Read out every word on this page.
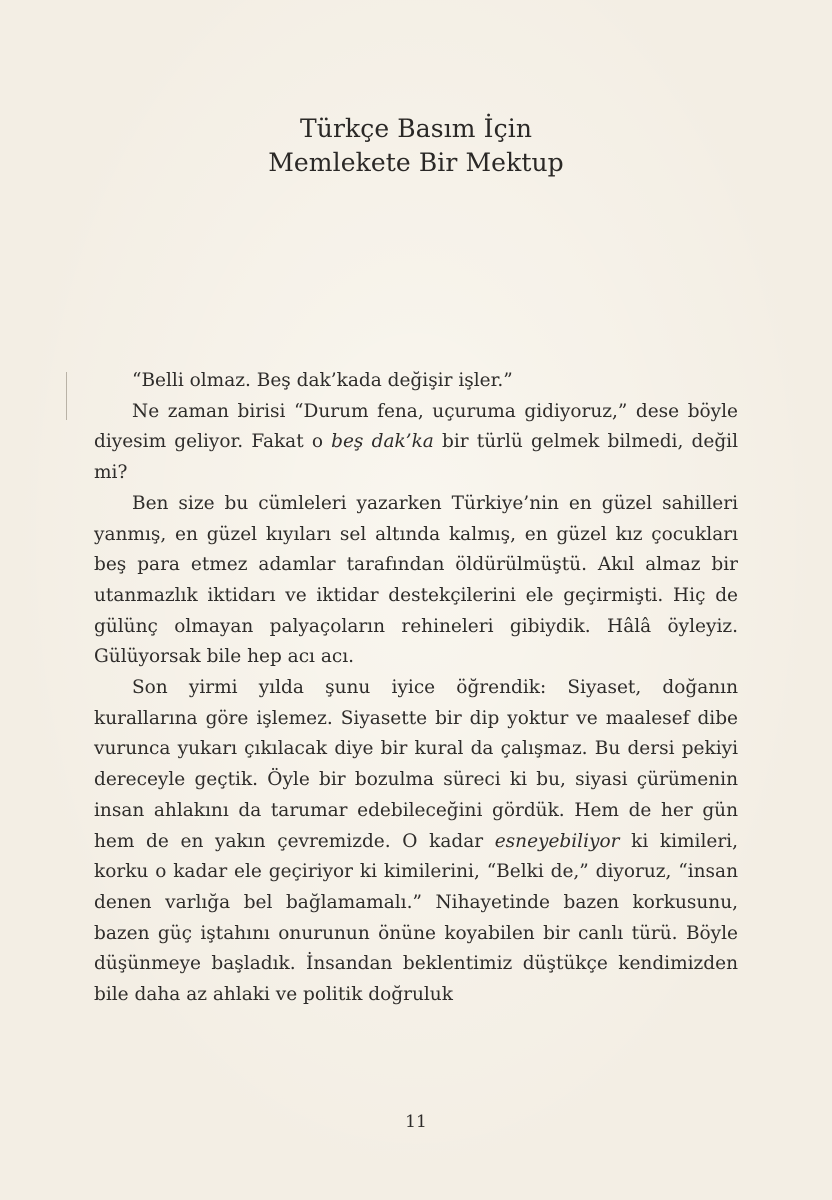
Türkçe Basım İçin
Memlekete Bir Mektup

“Belli olmaz. Beş dak’kada değişir işler.”

Ne zaman birisi “Durum fena, uçuruma gidiyoruz,” dese böyle diyesim geliyor. Fakat o beş dak’ka bir türlü gelmek bilmedi, değil mi?

Ben size bu cümleleri yazarken Türkiye’nin en güzel sahilleri yanmış, en güzel kıyıları sel altında kalmış, en güzel kız çocukları beş para etmez adamlar tarafından öldürülmüştü. Akıl almaz bir utanmazlık iktidarı ve iktidar destekçilerini ele geçirmişti. Hiç de gülünç olmayan palyaçoların rehineleri gibiydik. Hâlâ öyleyiz. Gülüyorsak bile hep acı acı.

Son yirmi yılda şunu iyice öğrendik: Siyaset, doğanın kurallarına göre işlemez. Siyasette bir dip yoktur ve maalesef dibe vurunca yukarı çıkılacak diye bir kural da çalışmaz. Bu dersi pekiyi dereceyle geçtik. Öyle bir bozulma süreci ki bu, siyasi çürümenin insan ahlakını da tarumar edebileceğini gördük. Hem de her gün hem de en yakın çevremizde. O kadar esneyebiliyor ki kimileri, korku o kadar ele geçiriyor ki kimilerini, “Belki de,” diyoruz, “insan denen varlığa bel bağlamamalı.” Nihayetinde bazen korkusunu, bazen güç iştahını onurunun önüne koyabilen bir canlı türü. Böyle düşünmeye başladık. İnsandan beklentimiz düştükçe kendimizden bile daha az ahlaki ve politik doğruluk

11
